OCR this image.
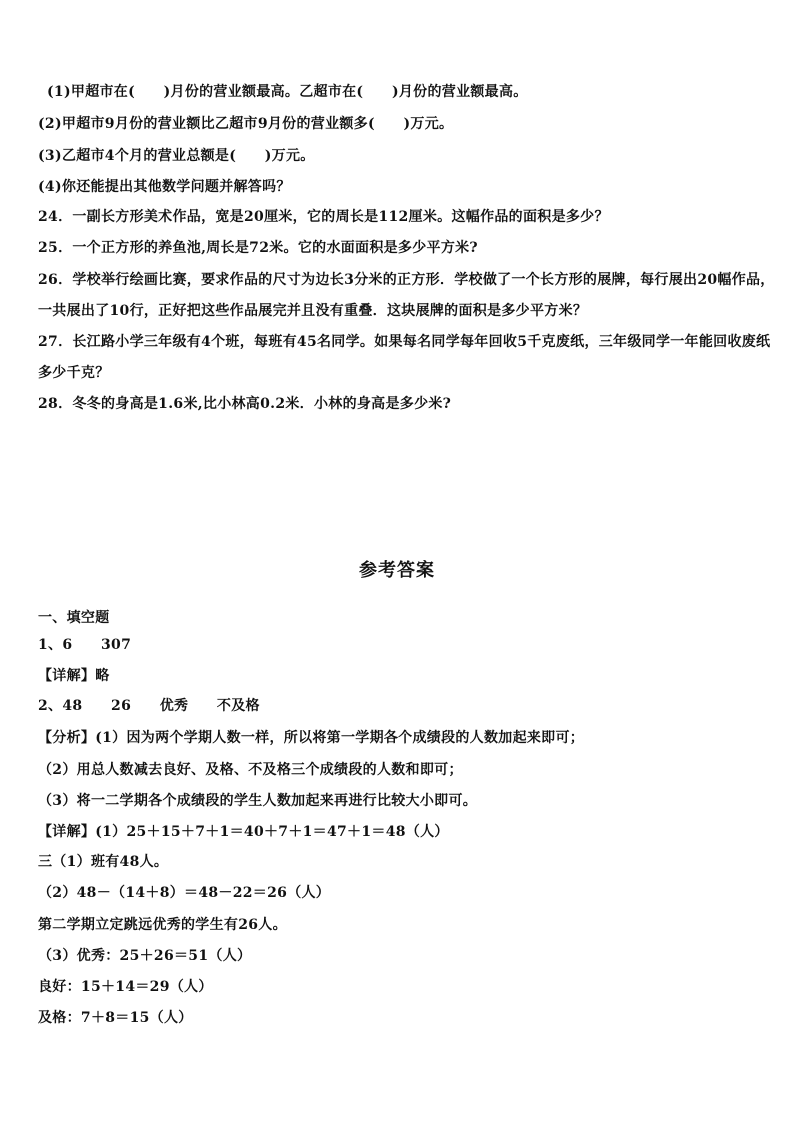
(1)甲超市在(　　)月份的营业额最高。乙超市在(　　)月份的营业额最高。
(2)甲超市9月份的营业额比乙超市9月份的营业额多(　　)万元。
(3)乙超市4个月的营业总额是(　　)万元。
(4)你还能提出其他数学问题并解答吗？
24．一副长方形美术作品，宽是20厘米，它的周长是112厘米。这幅作品的面积是多少？
25．一个正方形的养鱼池,周长是72米。它的水面面积是多少平方米?
26．学校举行绘画比赛，要求作品的尺寸为边长3分米的正方形．学校做了一个长方形的展牌，每行展出20幅作品，
一共展出了10行，正好把这些作品展完并且没有重叠．这块展牌的面积是多少平方米？
27．长江路小学三年级有4个班，每班有45名同学。如果每名同学每年回收5千克废纸，三年级同学一年能回收废纸
多少千克？
28．冬冬的身高是1.6米,比小林高0.2米．小林的身高是多少米?
参考答案
一、填空题
1、6　　307
【详解】略
2、48　　26　　优秀　　不及格
【分析】(1）因为两个学期人数一样，所以将第一学期各个成绩段的人数加起来即可；
（2）用总人数减去良好、及格、不及格三个成绩段的人数和即可；
（3）将一二学期各个成绩段的学生人数加起来再进行比较大小即可。
【详解】(1）25＋15＋7＋1＝40＋7＋1＝47＋1＝48（人）
三（1）班有48人。
（2）48－（14＋8）＝48－22＝26（人）
第二学期立定跳远优秀的学生有26人。
（3）优秀：25＋26＝51（人）
良好：15＋14＝29（人）
及格：7＋8＝15（人）
